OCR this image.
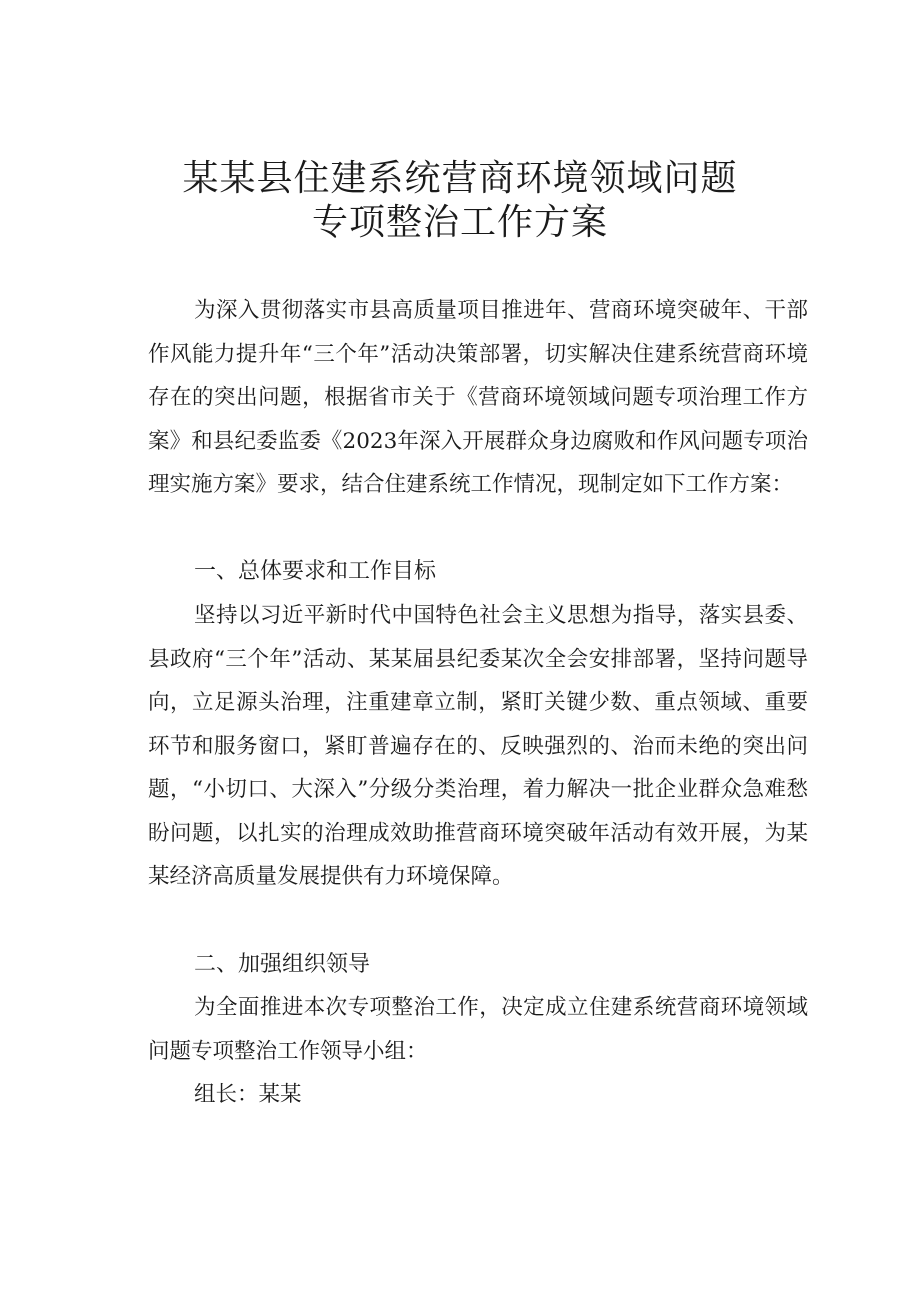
某某县住建系统营商环境领域问题
专项整治工作方案

为深入贯彻落实市县高质量项目推进年、营商环境突破年、干部作风能力提升年“三个年”活动决策部署，切实解决住建系统营商环境存在的突出问题，根据省市关于《营商环境领域问题专项治理工作方案》和县纪委监委《2023年深入开展群众身边腐败和作风问题专项治理实施方案》要求，结合住建系统工作情况，现制定如下工作方案：

一、总体要求和工作目标

坚持以习近平新时代中国特色社会主义思想为指导，落实县委、县政府“三个年”活动、某某届县纪委某次全会安排部署，坚持问题导向，立足源头治理，注重建章立制，紧盯关键少数、重点领域、重要环节和服务窗口，紧盯普遍存在的、反映强烈的、治而未绝的突出问题，“小切口、大深入”分级分类治理，着力解决一批企业群众急难愁盼问题，以扎实的治理成效助推营商环境突破年活动有效开展，为某某经济高质量发展提供有力环境保障。

二、加强组织领导

为全面推进本次专项整治工作，决定成立住建系统营商环境领域问题专项整治工作领导小组：

组长：某某
